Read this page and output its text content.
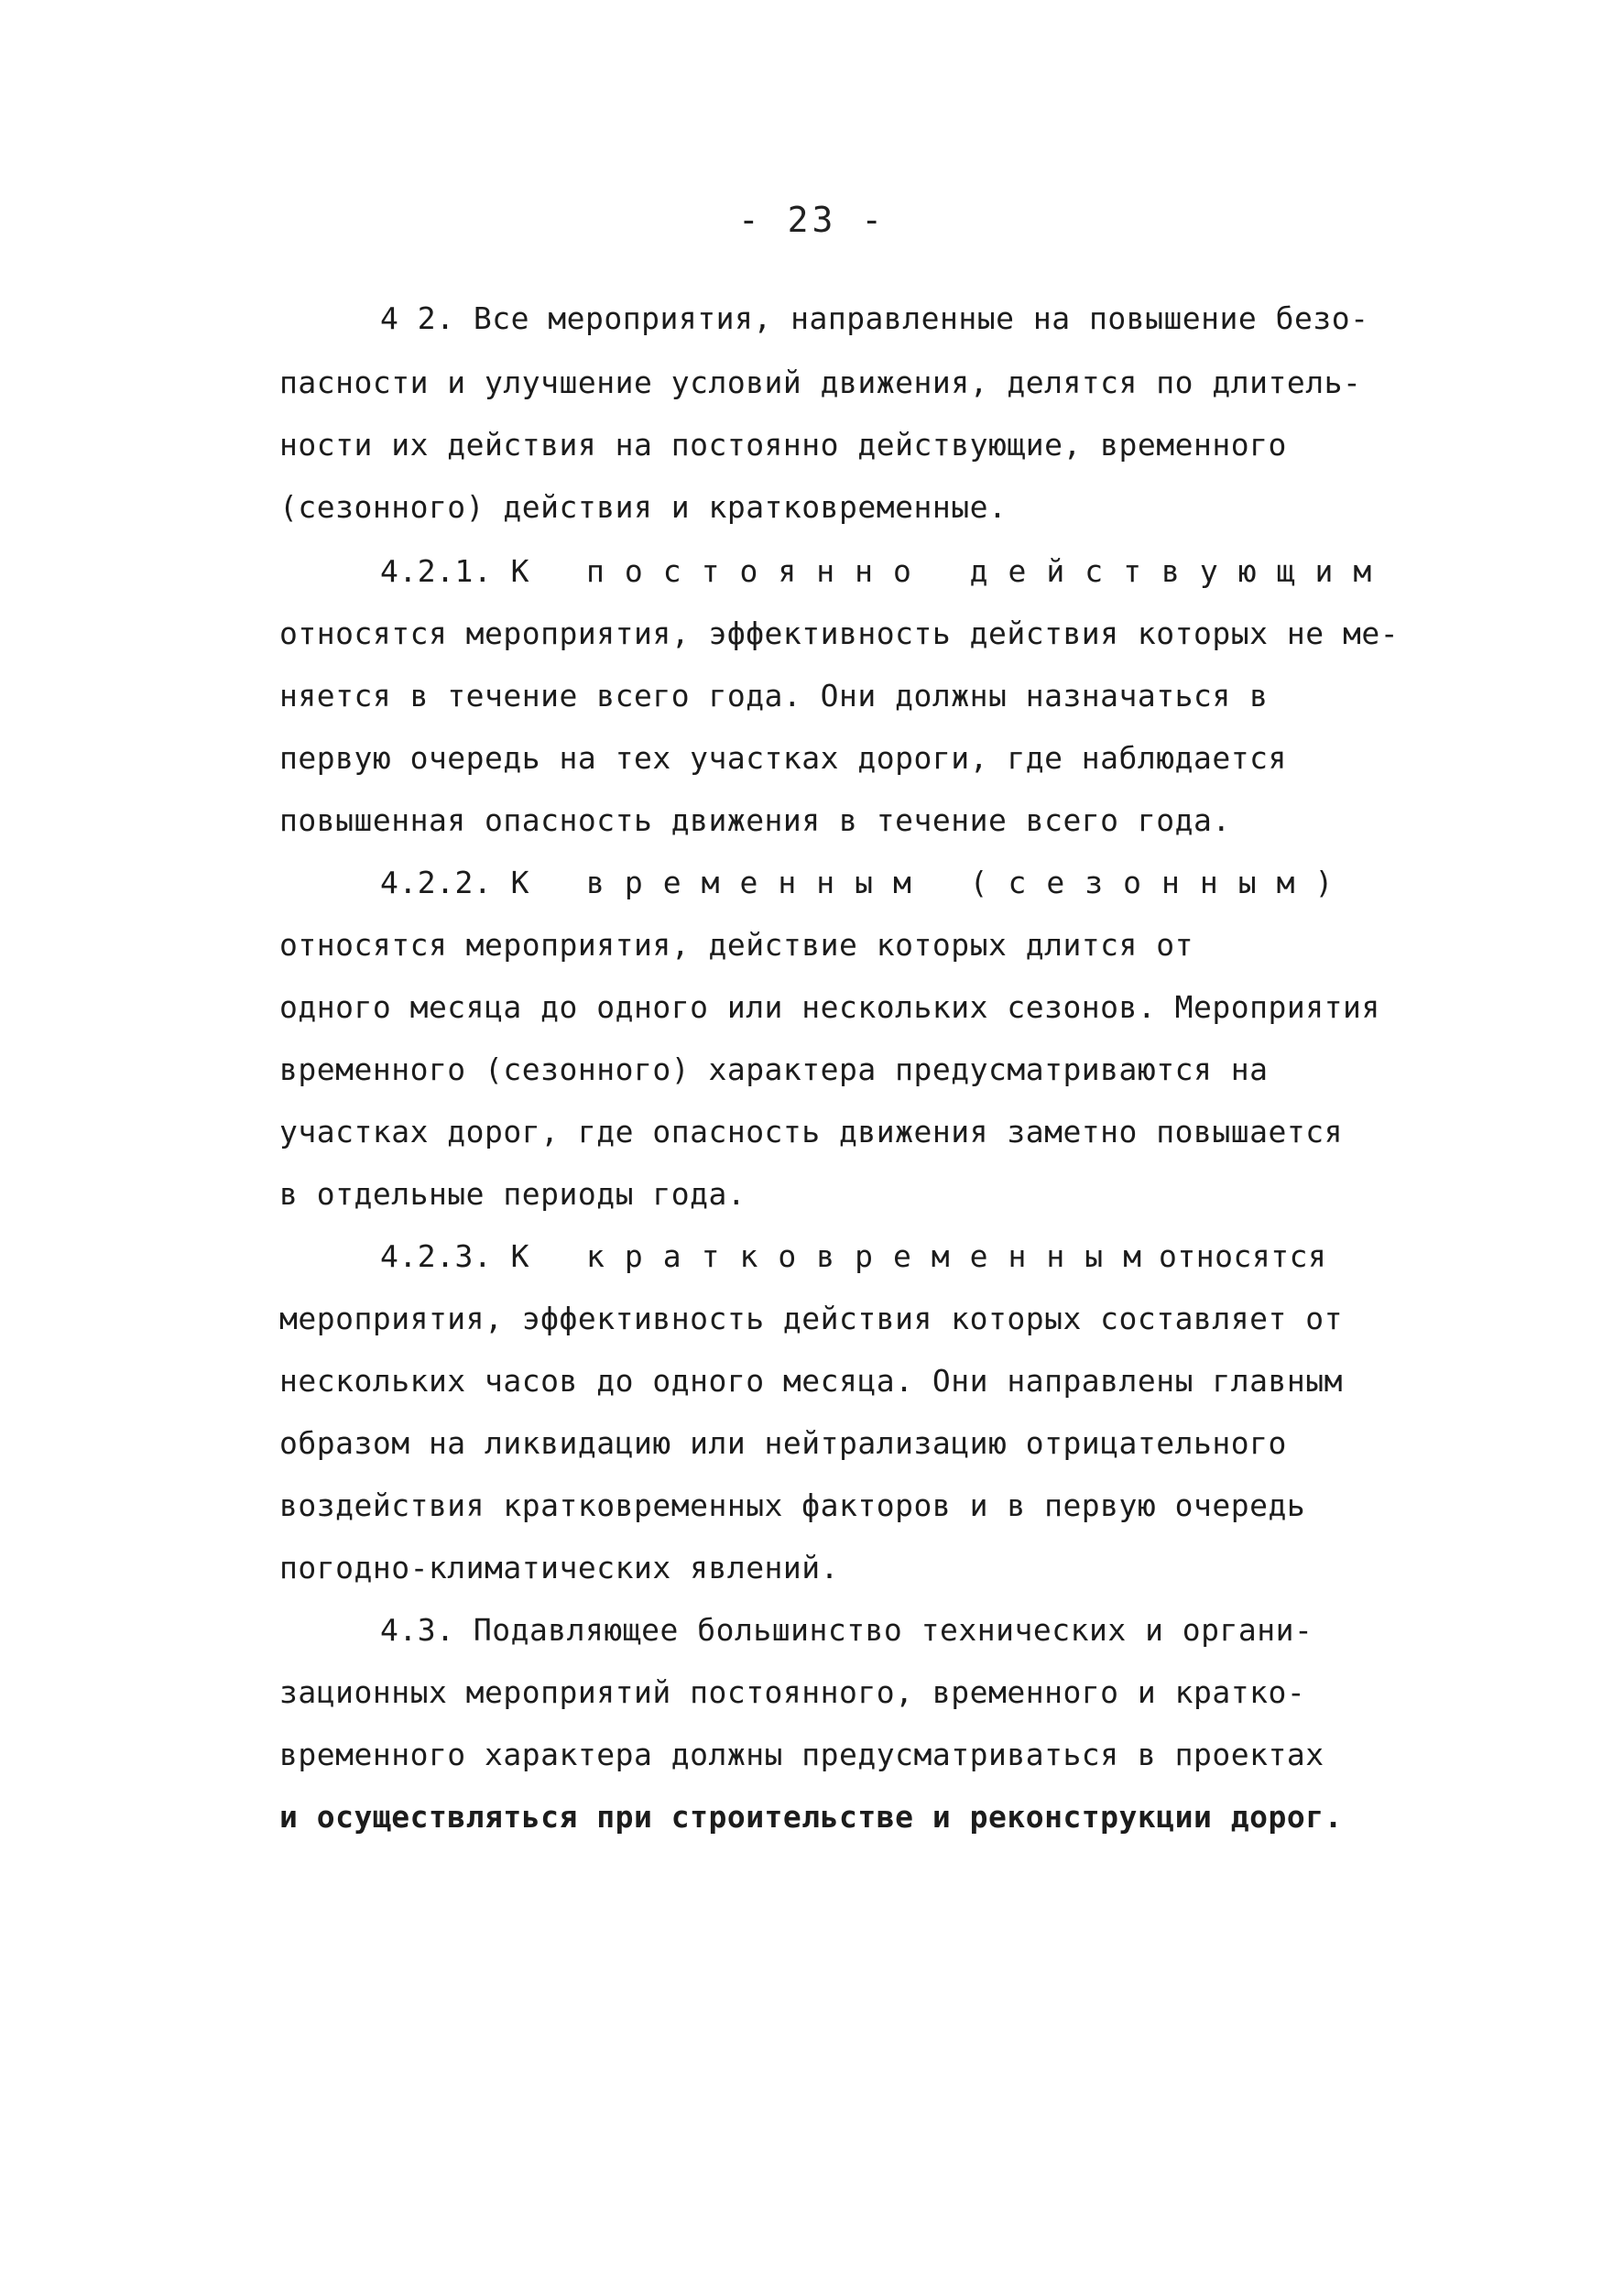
- 23 -
4 2. Все мероприятия, направленные на повышение безо-
пасности и улучшение условий движения, делятся по длитель-
ности их действия на постоянно действующие, временного
(сезонного) действия и кратковременные.
4.2.1. К	постоянно действующим
относятся мероприятия, эффективность действия которых не ме-
няется в течение всего года. Они должны назначаться в
первую очередь на тех участках дороги, где наблюдается
повышенная опасность движения в течение всего года.
4.2.2. К	временным (сезонным)
относятся мероприятия, действие которых длится от
одного месяца до одного или нескольких сезонов. Мероприятия
временного (сезонного) характера предусматриваются на
участках дорог, где опасность движения заметно повышается
в отдельные периоды года.
4.2.3. К	кратковременным
относятся
мероприятия, эффективность действия которых составляет от
нескольких часов до одного месяца. Они направлены главным
образом на ликвидацию или нейтрализацию отрицательного
воздействия кратковременных факторов и в первую очередь
погодно-климатических явлений.
4.3. Подавляющее большинство технических и органи-
зационных мероприятий постоянного, временного и кратко-
временного характера должны предусматриваться в проектах
и осуществляться при строительстве и реконструкции дорог.
